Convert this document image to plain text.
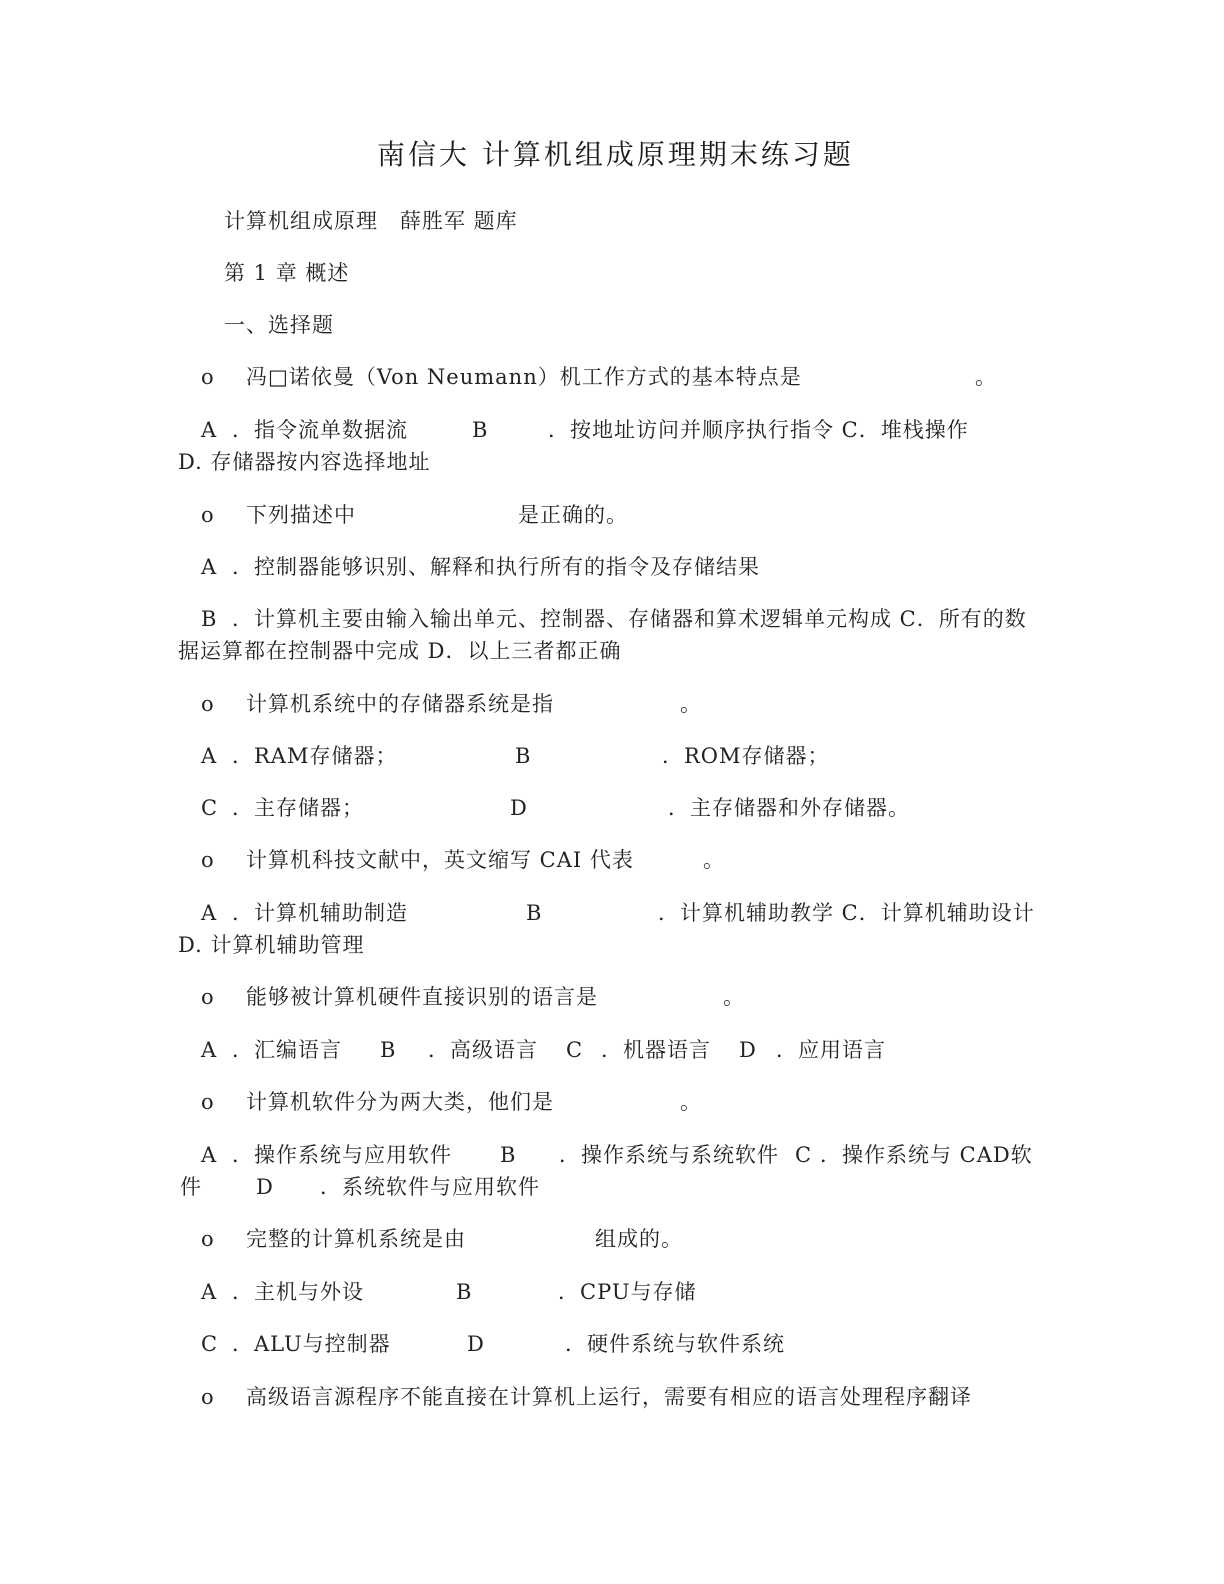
南信大 计算机组成原理期末练习题
计算机组成原理　薛胜军 题库
第 1 章 概述
一、选择题
o 冯□诺依曼（Von Neumann）机工作方式的基本特点是	。
A ．指令流单数据流	B	．按地址访问并顺序执行指令 C．堆栈操作
D. 存储器按内容选择地址
o 下列描述中	是正确的。
A ．控制器能够识别、解释和执行所有的指令及存储结果
B ．计算机主要由输入输出单元、控制器、存储器和算术逻辑单元构成 C．所有的数
据运算都在控制器中完成 D．以上三者都正确
o 计算机系统中的存储器系统是指	。
A ．RAM存储器；	B	．ROM存储器；
C ．主存储器；	D	．主存储器和外存储器。
o 计算机科技文献中，英文缩写 CAI 代表	。
A ．计算机辅助制造	B	．计算机辅助教学 C．计算机辅助设计
D. 计算机辅助管理
o 能够被计算机硬件直接识别的语言是	。
A ．汇编语言 B ．高级语言 C ．机器语言 D ．应用语言
o 计算机软件分为两大类，他们是	。
A ．操作系统与应用软件 B ．操作系统与系统软件 C ．操作系统与 CAD软
件	D ．系统软件与应用软件
o 完整的计算机系统是由	组成的。
A ．主机与外设	B	．CPU与存储
C ．ALU与控制器	D	．硬件系统与软件系统
o 高级语言源程序不能直接在计算机上运行，需要有相应的语言处理程序翻译
